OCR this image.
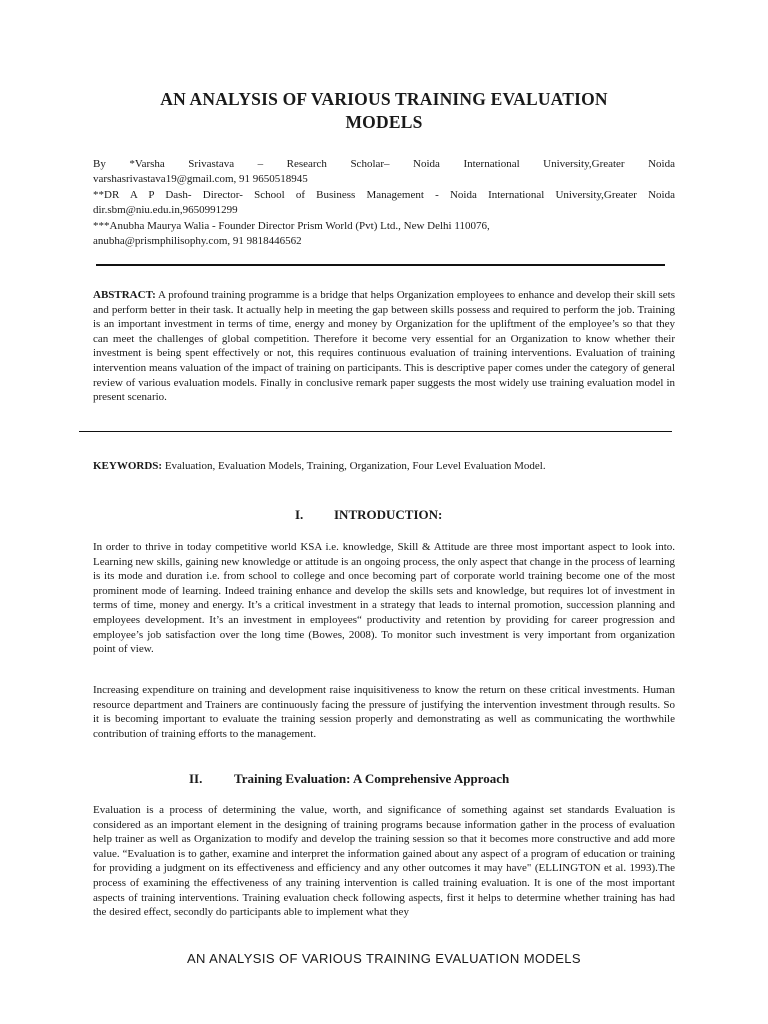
AN ANALYSIS OF VARIOUS TRAINING EVALUATION
MODELS

By *Varsha Srivastava – Research Scholar– Noida International University,Greater Noida

varshasrivastava19@gmail.com, 91 9650518945

**DR A P Dash- Director- School of Business Management - Noida International University,Greater Noida

dir.sbm@niu.edu.in,9650991299

***Anubha Maurya Walia - Founder Director Prism World (Pvt) Ltd., New Delhi 110076,

anubha@prismphilisophy.com, 91 9818446562

ABSTRACT: A profound training programme is a bridge that helps Organization employees to enhance and develop their skill sets and perform better in their task. It actually help in meeting the gap between skills possess and required to perform the job. Training is an important investment in terms of time, energy and money by Organization for the upliftment of the employee’s so that they can meet the challenges of global competition. Therefore it become very essential for an Organization to know whether their investment is being spent effectively or not, this requires continuous evaluation of training interventions. Evaluation of training intervention means valuation of the impact of training on participants. This is descriptive paper comes under the category of general review of various evaluation models. Finally in conclusive remark paper suggests the most widely use training evaluation model in present scenario.

KEYWORDS: Evaluation, Evaluation Models, Training, Organization, Four Level Evaluation Model.

I. INTRODUCTION:

In order to thrive in today competitive world KSA i.e. knowledge, Skill & Attitude are three most important aspect to look into. Learning new skills, gaining new knowledge or attitude is an ongoing process, the only aspect that change in the process of learning is its mode and duration i.e. from school to college and once becoming part of corporate world training become one of the most prominent mode of learning. Indeed training enhance and develop the skills sets and knowledge, but requires lot of investment in terms of time, money and energy. It’s a critical investment in a strategy that leads to internal promotion, succession planning and employees development. It’s an investment in employees“ productivity and retention by providing for career progression and employee’s job satisfaction over the long time (Bowes, 2008). To monitor such investment is very important from organization point of view.

Increasing expenditure on training and development raise inquisitiveness to know the return on these critical investments. Human resource department and Trainers are continuously facing the pressure of justifying the intervention investment through results. So it is becoming important to evaluate the training session properly and demonstrating as well as communicating the worthwhile contribution of training efforts to the management.

II. Training Evaluation: A Comprehensive Approach

Evaluation is a process of determining the value, worth, and significance of something against set standards Evaluation is considered as an important element in the designing of training programs because information gather in the process of evaluation help trainer as well as Organization to modify and develop the training session so that it becomes more constructive and add more value. “Evaluation is to gather, examine and interpret the information gained about any aspect of a program of education or training for providing a judgment on its effectiveness and efficiency and any other outcomes it may have" (ELLINGTON et al. 1993).The process of examining the effectiveness of any training intervention is called training evaluation. It is one of the most important aspects of training interventions. Training evaluation check following aspects, first it helps to determine whether training has had the desired effect, secondly do participants able to implement what they

AN ANALYSIS OF VARIOUS TRAINING EVALUATION MODELS
